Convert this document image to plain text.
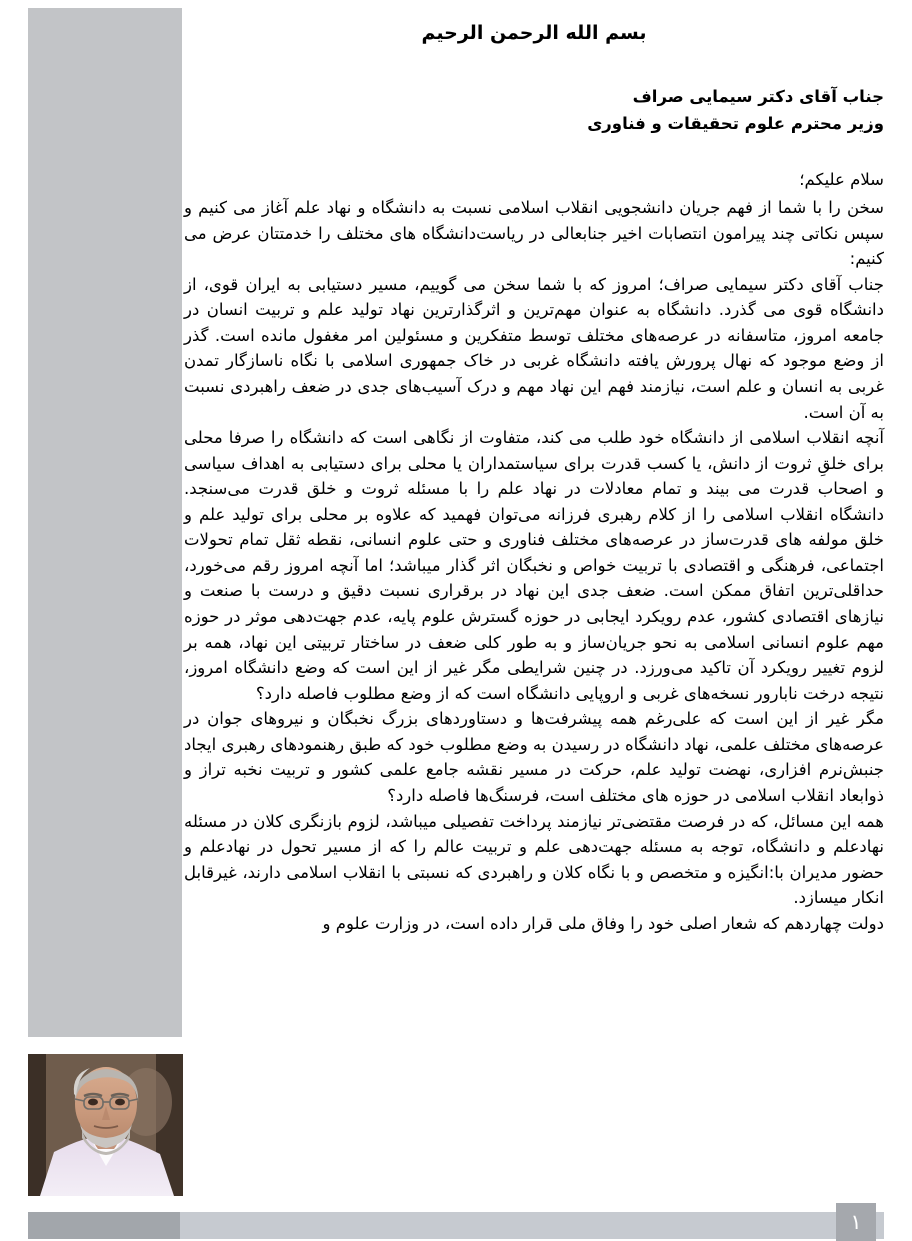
بسم الله الرحمن الرحیم
جناب آقای دکتر سیمایی صراف
وزیر محترم علوم تحقیقات و فناوری
سلام علیکم؛

سخن را با شما از فهم جریان دانشجویی انقلاب اسلامی نسبت به دانشگاه و نهاد علم آغاز می کنیم و سپس نکاتی چند پیرامون انتصابات اخیر جنابعالی در ریاست‌دانشگاه های مختلف را خدمتتان عرض می کنیم:

جناب آقای دکتر سیمایی صراف؛ امروز که با شما سخن می گوییم، مسیر دستیابی به ایران قوی، از دانشگاه قوی می گذرد. دانشگاه به عنوان مهم‌ترین و اثرگذارترین نهاد تولید علم و تربیت انسان در جامعه امروز، متاسفانه در عرصه‌های مختلف توسط متفکرین و مسئولین امر مغفول مانده است. گذر از وضع موجود که نهال پرورش یافته دانشگاه غربی در خاک جمهوری اسلامی با نگاه ناسازگار تمدن غربی به انسان و علم است، نیازمند فهم این نهاد مهم و درک آسیب‌های جدی در ضعف راهبردی نسبت به آن است.

آنچه انقلاب اسلامی از دانشگاه خود طلب می کند، متفاوت از نگاهی است که دانشگاه را صرفا محلی برای خلقِ ثروت از دانش، یا کسب قدرت برای سیاستمداران یا محلی برای دستیابی به اهداف سیاسی و اصحاب قدرت می بیند و تمام معادلات در نهاد علم را با مسئله ثروت و خلق قدرت می‌سنجد. دانشگاه انقلاب اسلامی را از کلام رهبری فرزانه می‌توان فهمید که علاوه بر محلی برای تولید علم و خلق مولفه های قدرت‌ساز در عرصه‌های مختلف فناوری و حتی علوم انسانی، نقطه ثقل تمام تحولات اجتماعی، فرهنگی و اقتصادی با تربیت خواص و نخبگان اثر گذار میباشد؛ اما آنچه امروز رقم می‌خورد، حداقلی‌ترین اتفاق ممکن است. ضعف جدی این نهاد در برقراری نسبت دقیق و درست با صنعت و نیازهای اقتصادی کشور، عدم رویکرد ایجابی در حوزه گسترش علوم پایه، عدم جهت‌دهی موثر در حوزه مهم علوم انسانی اسلامی به نحو جریان‌ساز و به طور کلی ضعف در ساختار تربیتی این نهاد، همه بر لزوم تغییر رویکرد آن تاکید می‌ورزد. در چنین شرایطی مگر غیر از این است که وضع دانشگاه امروز، نتیجه درخت نابارور نسخه‌های غربی و اروپایی دانشگاه است که از وضع مطلوب فاصله دارد؟

مگر غیر از این است که علی‌رغم همه پیشرفت‌ها و دستاوردهای بزرگ نخبگان و نیروهای جوان در عرصه‌های مختلف علمی، نهاد دانشگاه در رسیدن به وضع مطلوب خود که طبق رهنمودهای رهبری ایجاد جنبش‌نرم افزاری، نهضت تولید علم، حرکت در مسیر نقشه جامع علمی کشور و تربیت نخبه تراز و ذوابعاد انقلاب اسلامی در حوزه های مختلف است، فرسنگ‌ها فاصله دارد؟

همه این مسائل، که در فرصت مقتضی‌تر نیازمند پرداخت تفصیلی میباشد، لزوم بازنگری کلان در مسئله نهادعلم و دانشگاه، توجه به مسئله جهت‌دهی علم و تربیت عالم را که از مسیر تحول در نهادعلم و حضور مدیران با:انگیزه و متخصص و با نگاه کلان و راهبردی که نسبتی با انقلاب اسلامی دارند، غیرقابل انکار میسازد.

دولت چهاردهم که شعار اصلی خود را وفاق ملی قرار داده است، در وزارت علوم و

۱
